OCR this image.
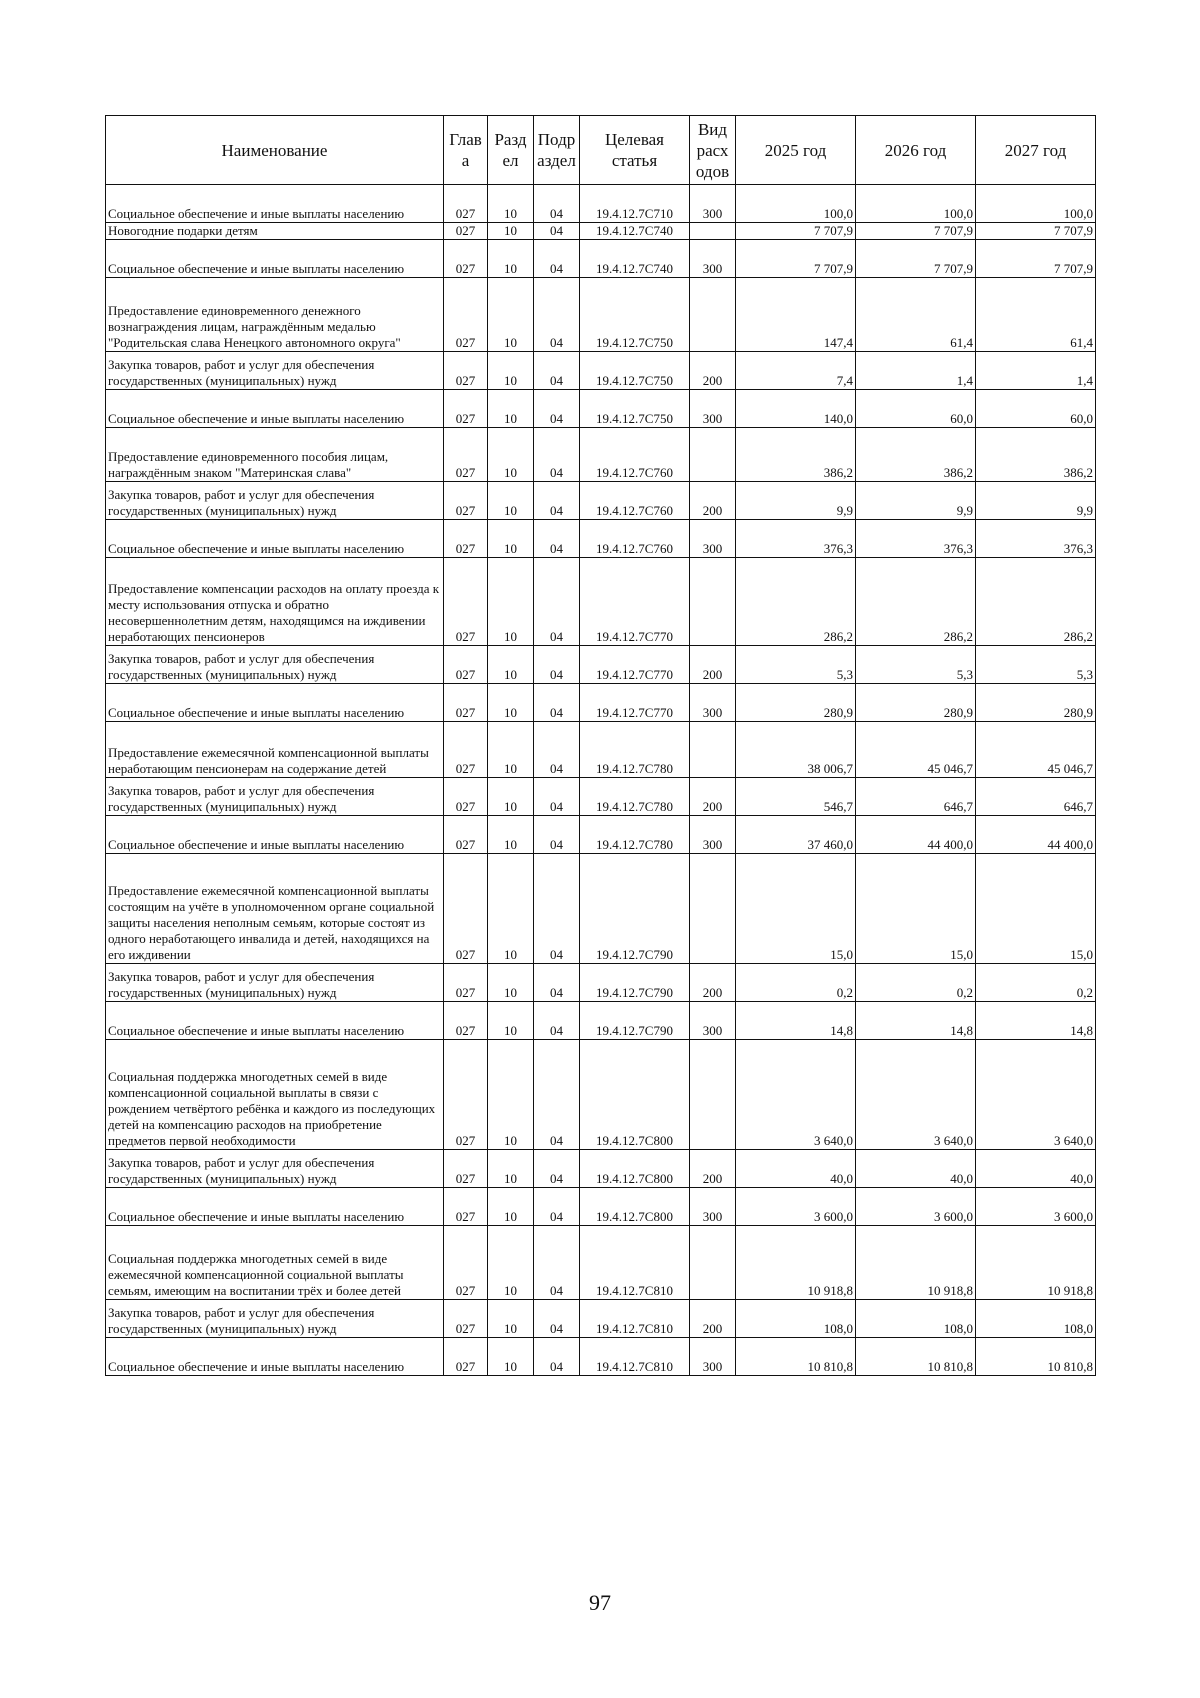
Наименование	Глав а	Разд ел	Подр аздел	Целевая статья	Вид расх одов	2025 год	2026 год	2027 год
Социальное обеспечение и иные выплаты населению	027	10	04	19.4.12.7С710	300	100,0	100,0	100,0
Новогодние подарки детям	027	10	04	19.4.12.7С740		7 707,9	7 707,9	7 707,9
Социальное обеспечение и иные выплаты населению	027	10	04	19.4.12.7С740	300	7 707,9	7 707,9	7 707,9
Предоставление единовременного денежного вознаграждения лицам, награждённым медалью "Родительская слава Ненецкого автономного округа"	027	10	04	19.4.12.7С750		147,4	61,4	61,4
Закупка товаров, работ и услуг для обеспечения государственных (муниципальных) нужд	027	10	04	19.4.12.7С750	200	7,4	1,4	1,4
Социальное обеспечение и иные выплаты населению	027	10	04	19.4.12.7С750	300	140,0	60,0	60,0
Предоставление единовременного пособия лицам, награждённым знаком "Материнская слава"	027	10	04	19.4.12.7С760		386,2	386,2	386,2
Закупка товаров, работ и услуг для обеспечения государственных (муниципальных) нужд	027	10	04	19.4.12.7С760	200	9,9	9,9	9,9
Социальное обеспечение и иные выплаты населению	027	10	04	19.4.12.7С760	300	376,3	376,3	376,3
Предоставление компенсации расходов на оплату проезда к месту использования отпуска и обратно несовершеннолетним детям, находящимся на иждивении неработающих пенсионеров	027	10	04	19.4.12.7С770		286,2	286,2	286,2
Закупка товаров, работ и услуг для обеспечения государственных (муниципальных) нужд	027	10	04	19.4.12.7С770	200	5,3	5,3	5,3
Социальное обеспечение и иные выплаты населению	027	10	04	19.4.12.7С770	300	280,9	280,9	280,9
Предоставление ежемесячной компенсационной выплаты неработающим пенсионерам на содержание детей	027	10	04	19.4.12.7С780		38 006,7	45 046,7	45 046,7
Закупка товаров, работ и услуг для обеспечения государственных (муниципальных) нужд	027	10	04	19.4.12.7С780	200	546,7	646,7	646,7
Социальное обеспечение и иные выплаты населению	027	10	04	19.4.12.7С780	300	37 460,0	44 400,0	44 400,0
Предоставление ежемесячной компенсационной выплаты состоящим на учёте в уполномоченном органе социальной защиты населения неполным семьям, которые состоят из одного неработающего инвалида и детей, находящихся на его иждивении	027	10	04	19.4.12.7С790		15,0	15,0	15,0
Закупка товаров, работ и услуг для обеспечения государственных (муниципальных) нужд	027	10	04	19.4.12.7С790	200	0,2	0,2	0,2
Социальное обеспечение и иные выплаты населению	027	10	04	19.4.12.7С790	300	14,8	14,8	14,8
Социальная поддержка многодетных семей в виде компенсационной социальной выплаты в связи с рождением четвёртого ребёнка и каждого из последующих детей на компенсацию расходов на приобретение предметов первой необходимости	027	10	04	19.4.12.7С800		3 640,0	3 640,0	3 640,0
Закупка товаров, работ и услуг для обеспечения государственных (муниципальных) нужд	027	10	04	19.4.12.7С800	200	40,0	40,0	40,0
Социальное обеспечение и иные выплаты населению	027	10	04	19.4.12.7С800	300	3 600,0	3 600,0	3 600,0
Социальная поддержка многодетных семей в виде ежемесячной компенсационной социальной выплаты семьям, имеющим на воспитании трёх и более детей	027	10	04	19.4.12.7С810		10 918,8	10 918,8	10 918,8
Закупка товаров, работ и услуг для обеспечения государственных (муниципальных) нужд	027	10	04	19.4.12.7С810	200	108,0	108,0	108,0
Социальное обеспечение и иные выплаты населению	027	10	04	19.4.12.7С810	300	10 810,8	10 810,8	10 810,8
97
